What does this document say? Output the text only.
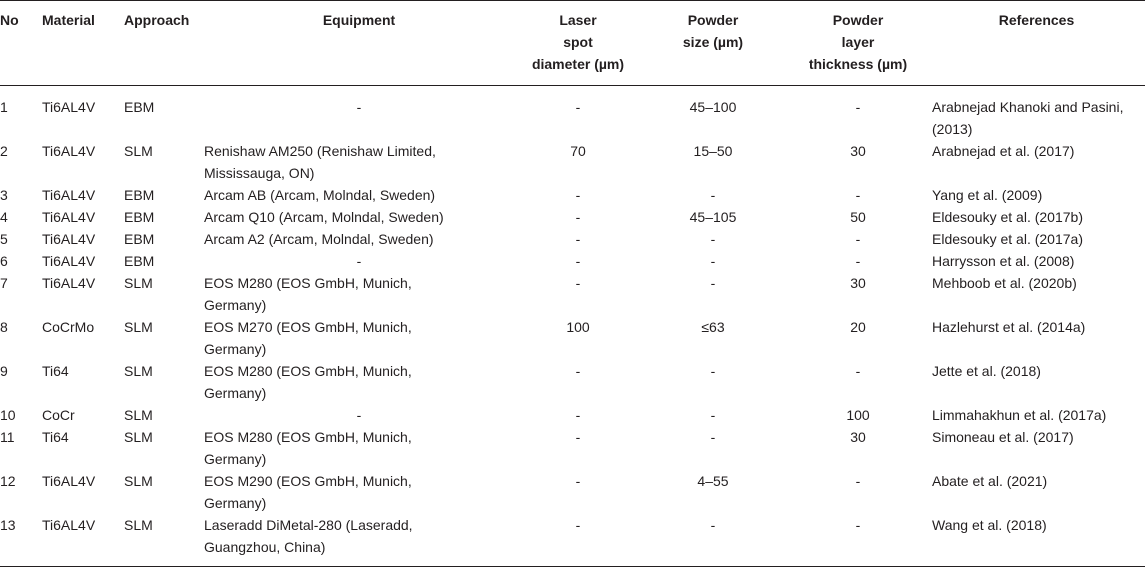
No	Material	Approach	Equipment	Laser
spot
diameter (µm)	Powder
size (µm)	Powder
layer
thickness (µm)	References
1	Ti6AL4V	EBM	-	-	45–100	-	Arabnejad Khanoki and Pasini,
(2013)
2	Ti6AL4V	SLM	Renishaw AM250 (Renishaw Limited,
Mississauga, ON)	70	15–50	30	Arabnejad et al. (2017)
3	Ti6AL4V	EBM	Arcam AB (Arcam, Molndal, Sweden)	-	-	-	Yang et al. (2009)
4	Ti6AL4V	EBM	Arcam Q10 (Arcam, Molndal, Sweden)	-	45–105	50	Eldesouky et al. (2017b)
5	Ti6AL4V	EBM	Arcam A2 (Arcam, Molndal, Sweden)	-	-	-	Eldesouky et al. (2017a)
6	Ti6AL4V	EBM	-	-	-	-	Harrysson et al. (2008)
7	Ti6AL4V	SLM	EOS M280 (EOS GmbH, Munich,
Germany)	-	-	30	Mehboob et al. (2020b)
8	CoCrMo	SLM	EOS M270 (EOS GmbH, Munich,
Germany)	100	≤63	20	Hazlehurst et al. (2014a)
9	Ti64	SLM	EOS M280 (EOS GmbH, Munich,
Germany)	-	-	-	Jette et al. (2018)
10	CoCr	SLM	-	-	-	100	Limmahakhun et al. (2017a)
11	Ti64	SLM	EOS M280 (EOS GmbH, Munich,
Germany)	-	-	30	Simoneau et al. (2017)
12	Ti6AL4V	SLM	EOS M290 (EOS GmbH, Munich,
Germany)	-	4–55	-	Abate et al. (2021)
13	Ti6AL4V	SLM	Laseradd DiMetal-280 (Laseradd,
Guangzhou, China)	-	-	-	Wang et al. (2018)
